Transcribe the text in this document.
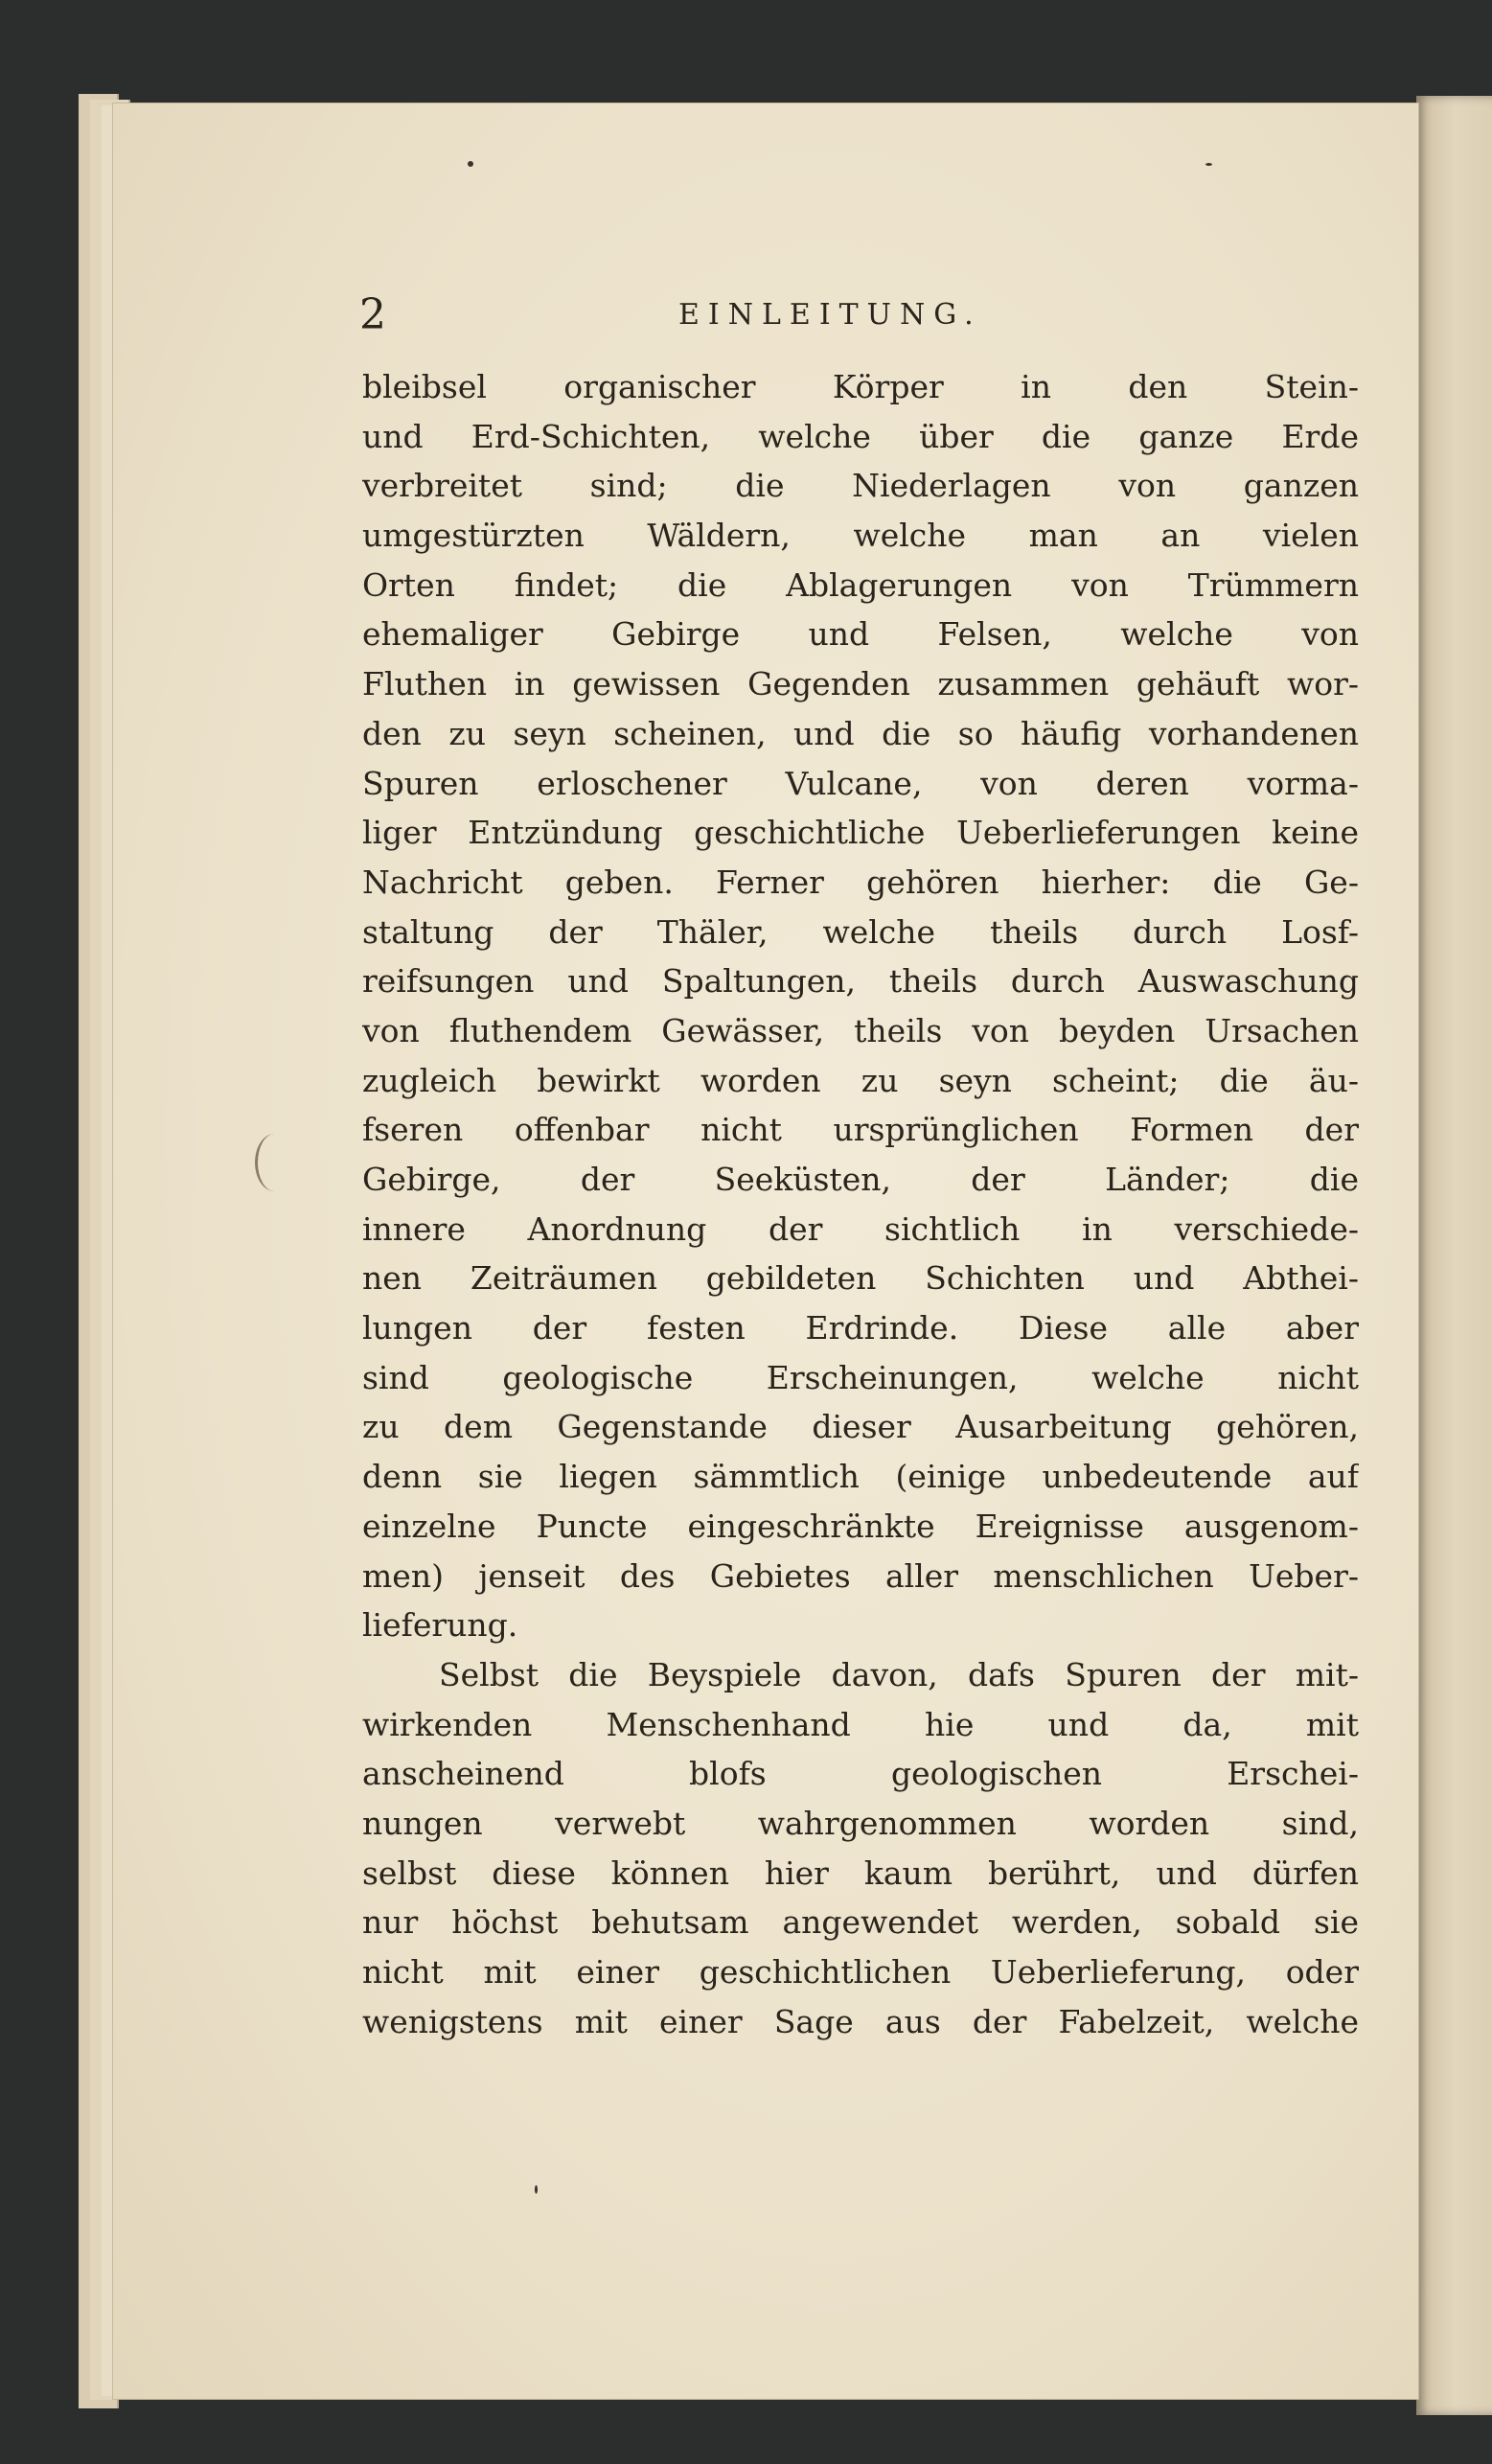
2	EINLEITUNG.
bleibsel organischer Körper in den Stein-
und Erd-Schichten, welche über die ganze Erde
verbreitet sind; die Niederlagen von ganzen
umgestürzten Wäldern, welche man an vielen
Orten findet; die Ablagerungen von Trümmern
ehemaliger Gebirge und Felsen, welche von
Fluthen in gewissen Gegenden zusammen gehäuft wor-
den zu seyn scheinen, und die so häufig vorhandenen
Spuren erloschener Vulcane, von deren vorma-
liger Entzündung geschichtliche Ueberlieferungen keine
Nachricht geben. Ferner gehören hierher: die Ge-
staltung der Thäler, welche theils durch Losf-
reifsungen und Spaltungen, theils durch Auswaschung
von fluthendem Gewässer, theils von beyden Ursachen
zugleich bewirkt worden zu seyn scheint; die äu-
fseren offenbar nicht ursprünglichen Formen der
Gebirge, der Seeküsten, der Länder; die
innere Anordnung der sichtlich in verschiede-
nen Zeiträumen gebildeten Schichten und Abthei-
lungen der festen Erdrinde. Diese alle aber
sind geologische Erscheinungen, welche nicht
zu dem Gegenstande dieser Ausarbeitung gehören,
denn sie liegen sämmtlich (einige unbedeutende auf
einzelne Puncte eingeschränkte Ereignisse ausgenom-
men) jenseit des Gebietes aller menschlichen Ueber-
lieferung.
Selbst die Beyspiele davon, dafs Spuren der mit-
wirkenden Menschenhand hie und da, mit
anscheinend blofs geologischen Erschei-
nungen verwebt wahrgenommen worden sind,
selbst diese können hier kaum berührt, und dürfen
nur höchst behutsam angewendet werden, sobald sie
nicht mit einer geschichtlichen Ueberlieferung, oder
wenigstens mit einer Sage aus der Fabelzeit, welche
